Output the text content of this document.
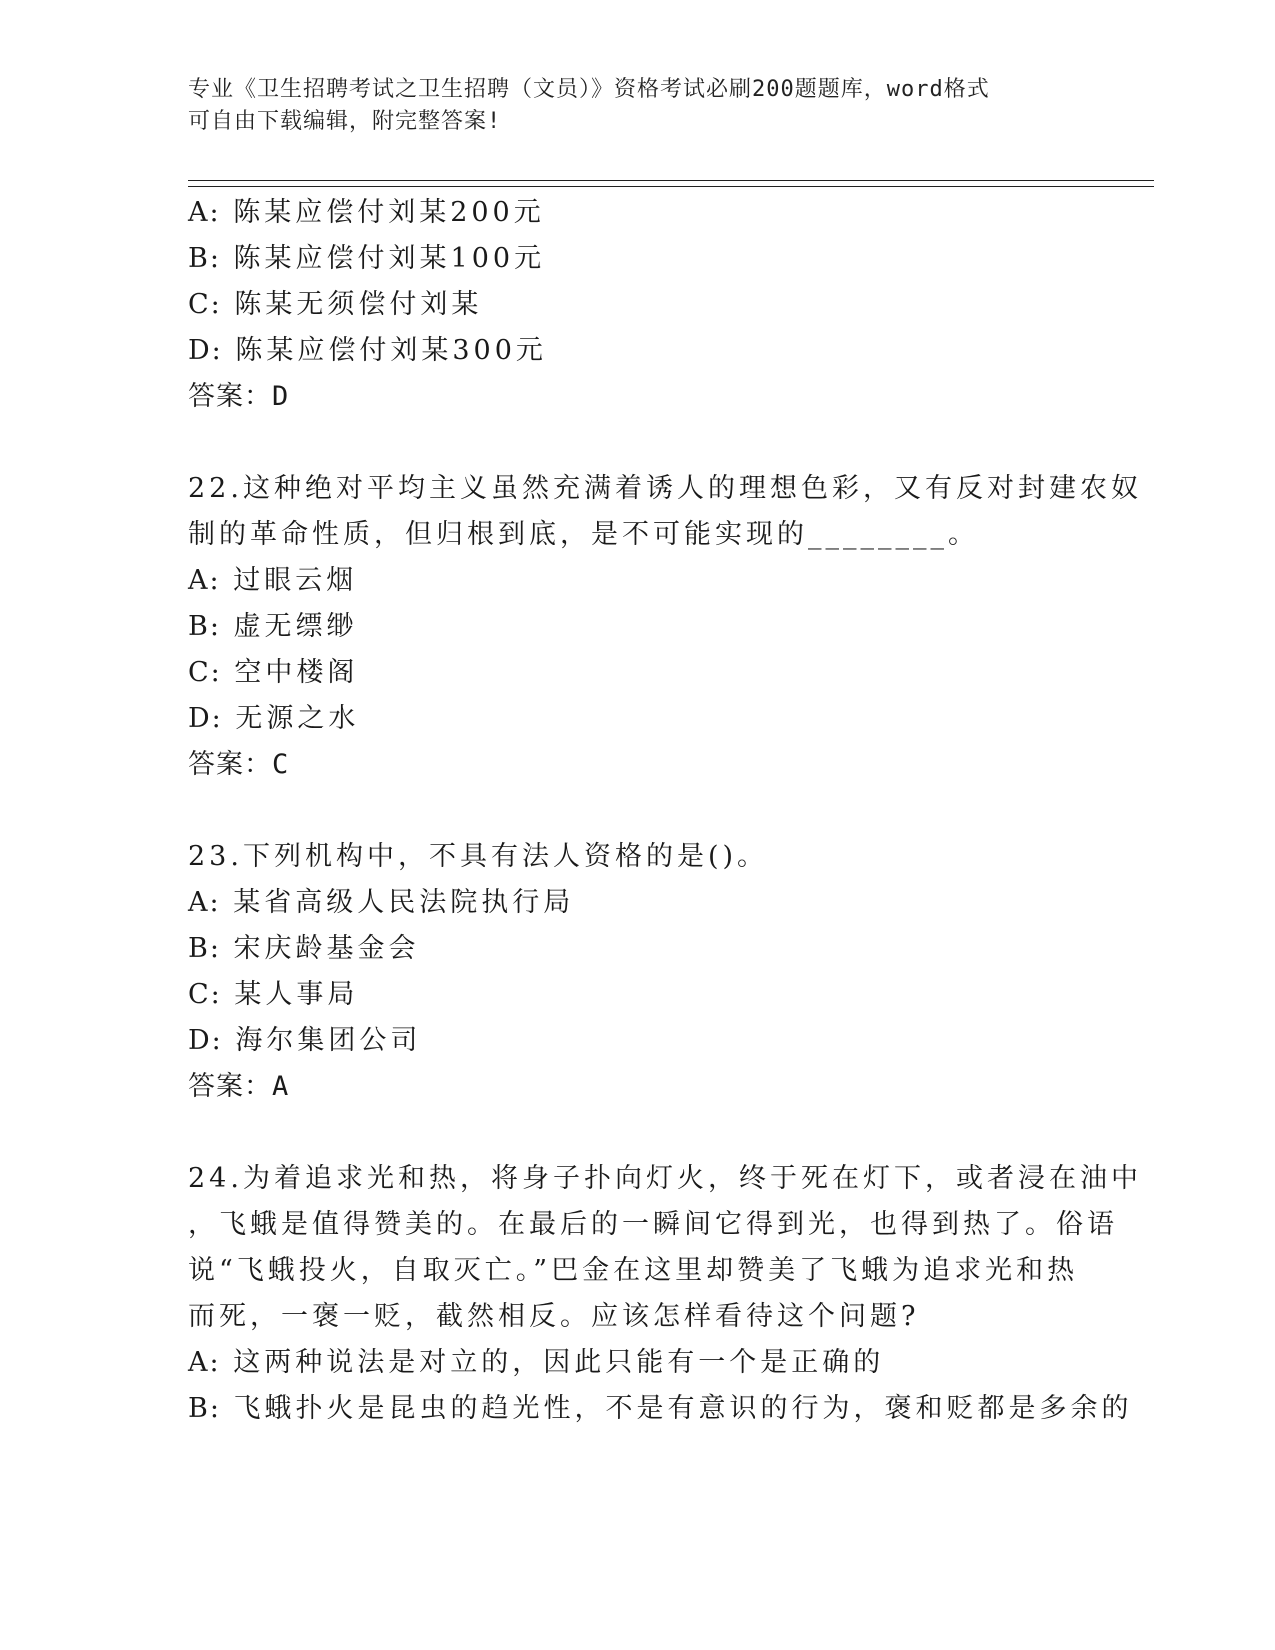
专业《卫生招聘考试之卫生招聘（文员）》资格考试必刷200题题库，word格式
可自由下载编辑，附完整答案!
A: 陈某应偿付刘某200元
B: 陈某应偿付刘某100元
C: 陈某无须偿付刘某
D: 陈某应偿付刘某300元
答案：D
22.这种绝对平均主义虽然充满着诱人的理想色彩，又有反对封建农奴
制的革命性质，但归根到底，是不可能实现的________。
A: 过眼云烟
B: 虚无缥缈
C: 空中楼阁
D: 无源之水
答案：C
23.下列机构中，不具有法人资格的是()。
A: 某省高级人民法院执行局
B: 宋庆龄基金会
C: 某人事局
D: 海尔集团公司
答案：A
24.为着追求光和热，将身子扑向灯火，终于死在灯下，或者浸在油中
，飞蛾是值得赞美的。在最后的一瞬间它得到光，也得到热了。俗语
说“飞蛾投火，自取灭亡。”巴金在这里却赞美了飞蛾为追求光和热
而死，一褒一贬，截然相反。应该怎样看待这个问题?
A: 这两种说法是对立的，因此只能有一个是正确的
B: 飞蛾扑火是昆虫的趋光性，不是有意识的行为，褒和贬都是多余的
